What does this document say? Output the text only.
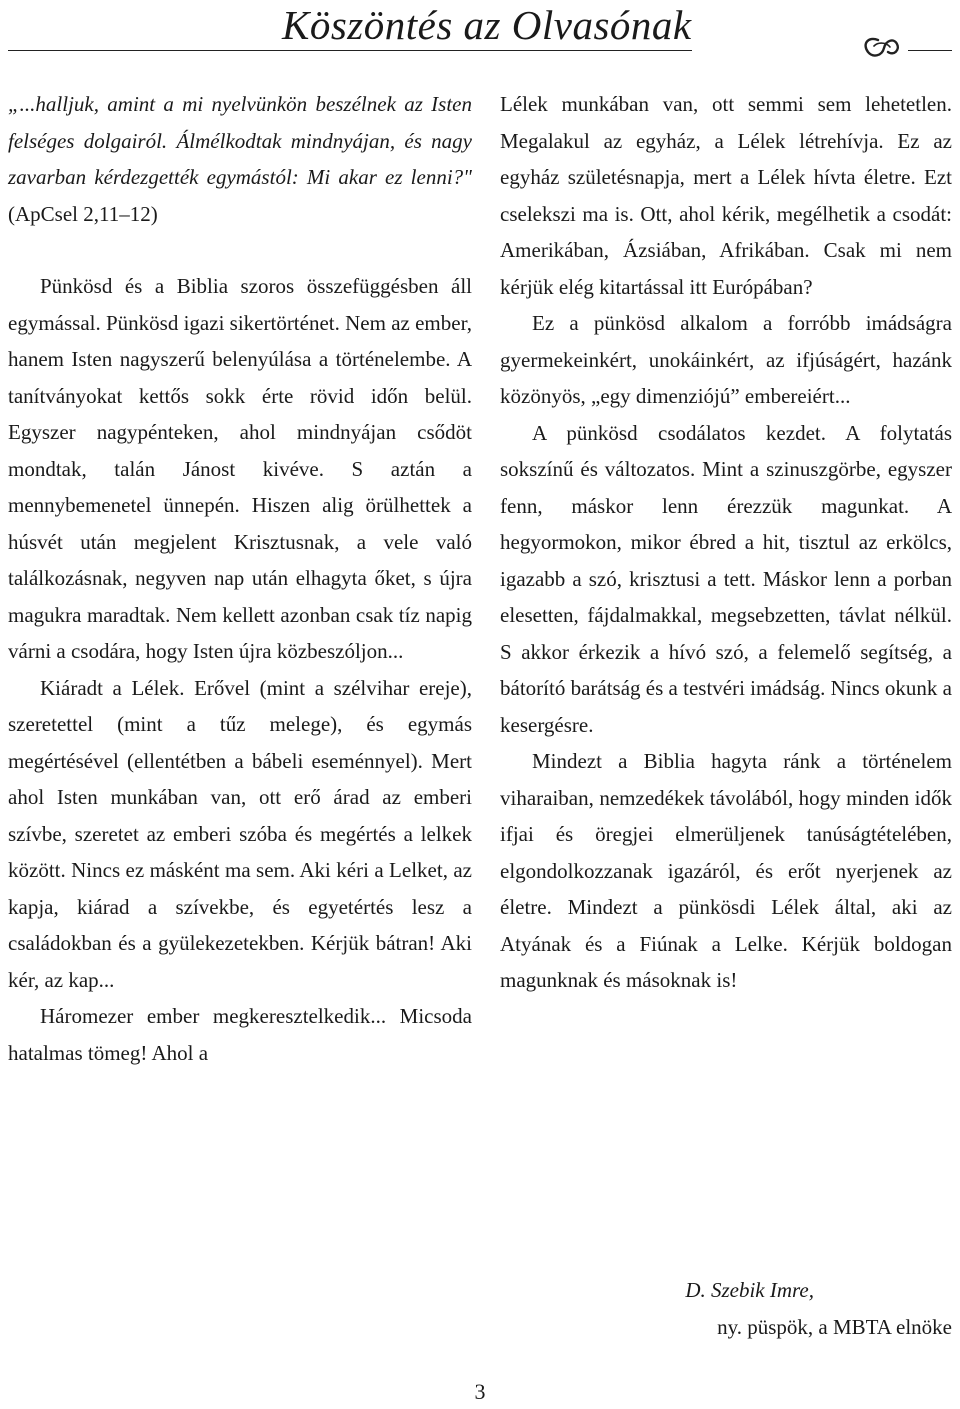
Köszöntés az Olvasónak

„...halljuk, amint a mi nyelvünkön beszélnek az Isten felséges dolgairól. Álmélkodtak mindnyájan, és nagy zavarban kérdezgették egymástól: Mi akar ez lenni?" (ApCsel 2,11–12)

Pünkösd és a Biblia szoros összefüggésben áll egymással. Pünkösd igazi sikertörténet. Nem az ember, hanem Isten nagyszerű belenyúlása a történelembe. A tanítványokat kettős sokk érte rövid időn belül. Egyszer nagypénteken, ahol mindnyájan csődöt mondtak, talán Jánost kivéve. S aztán a mennybemenetel ünnepén. Hiszen alig örülhettek a húsvét után megjelent Krisztusnak, a vele való találkozásnak, negyven nap után elhagyta őket, s újra magukra maradtak. Nem kellett azonban csak tíz napig várni a csodára, hogy Isten újra közbeszóljon...

Kiáradt a Lélek. Erővel (mint a szélvihar ereje), szeretettel (mint a tűz melege), és egymás megértésével (ellentétben a bábeli eseménnyel). Mert ahol Isten munkában van, ott erő árad az emberi szívbe, szeretet az emberi szóba és megértés a lelkek között. Nincs ez másként ma sem. Aki kéri a Lelket, az kapja, kiárad a szívekbe, és egyetértés lesz a családokban és a gyülekezetekben. Kérjük bátran! Aki kér, az kap...

Háromezer ember megkeresztelkedik... Micsoda hatalmas tömeg! Ahol a

Lélek munkában van, ott semmi sem lehetetlen. Megalakul az egyház, a Lélek létrehívja. Ez az egyház születésnapja, mert a Lélek hívta életre. Ezt cselekszi ma is. Ott, ahol kérik, megélhetik a csodát: Amerikában, Ázsiában, Afrikában. Csak mi nem kérjük elég kitartással itt Európában?

Ez a pünkösd alkalom a forróbb imádságra gyermekeinkért, unokáinkért, az ifjúságért, hazánk közönyös, „egy dimenziójú” embereiért...

A pünkösd csodálatos kezdet. A folytatás sokszínű és változatos. Mint a szinuszgörbe, egyszer fenn, máskor lenn érezzük magunkat. A hegyormokon, mikor ébred a hit, tisztul az erkölcs, igazabb a szó, krisztusi a tett. Máskor lenn a porban elesetten, fájdalmakkal, megsebzetten, távlat nélkül. S akkor érkezik a hívó szó, a felemelő segítség, a bátorító barátság és a testvéri imádság. Nincs okunk a kesergésre.

Mindezt a Biblia hagyta ránk a történelem viharaiban, nemzedékek távolából, hogy minden idők ifjai és öregjei elmerüljenek tanúságtételében, elgondolkozzanak igazáról, és erőt nyerjenek az életre. Mindezt a pünkösdi Lélek által, aki az Atyának és a Fiúnak a Lelke. Kérjük boldogan magunknak és másoknak is!

D. Szebik Imre,
ny. püspök, a MBTA elnöke
3
